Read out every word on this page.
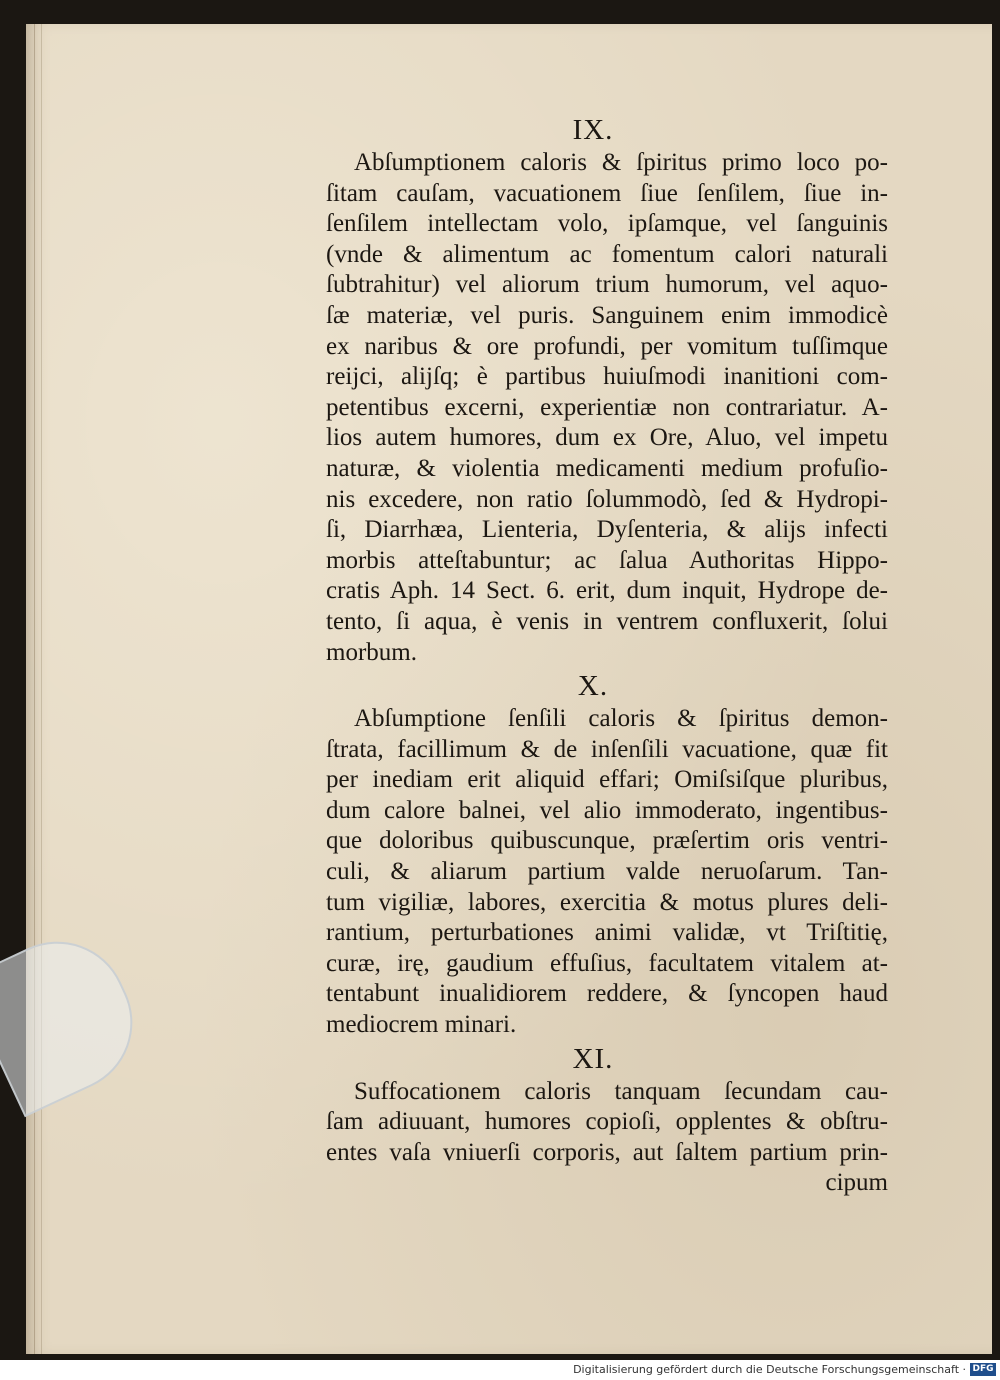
IX.

Abſumptionem caloris & ſpiritus primo loco po-
ſitam cauſam, vacuationem ſiue ſenſilem, ſiue in-
ſenſilem intellectam volo, ipſamque, vel ſanguinis
(vnde & alimentum ac fomentum calori naturali
ſubtrahitur) vel aliorum trium humorum, vel aquo-
ſæ materiæ, vel puris. Sanguinem enim immodicè
ex naribus & ore profundi, per vomitum tuſſimque
reijci, alijſq; è partibus huiuſmodi inanitioni com-
petentibus excerni, experientiæ non contrariatur. A-
lios autem humores, dum ex Ore, Aluo, vel impetu
naturæ, & violentia medicamenti medium profuſio-
nis excedere, non ratio ſolummodò, ſed & Hydropi-
ſi, Diarrhæa, Lienteria, Dyſenteria, & alijs infecti
morbis atteſtabuntur; ac ſalua Authoritas Hippo-
cratis Aph. 14 Sect. 6. erit, dum inquit, Hydrope de-
tento, ſi aqua, è venis in ventrem confluxerit, ſolui
morbum.

X.

Abſumptione ſenſili caloris & ſpiritus demon-
ſtrata, facillimum & de inſenſili vacuatione, quæ fit
per inediam erit aliquid effari; Omiſsiſque pluribus,
dum calore balnei, vel alio immoderato, ingentibus-
que doloribus quibuscunque, præſertim oris ventri-
culi, & aliarum partium valde neruoſarum. Tan-
tum vigiliæ, labores, exercitia & motus plures deli-
rantium, perturbationes animi validæ, vt Triſtitię,
curæ, irę, gaudium effuſius, facultatem vitalem at-
tentabunt inualidiorem reddere, & ſyncopen haud
mediocrem minari.

XI.

Suffocationem caloris tanquam ſecundam cau-
ſam adiuuant, humores copioſi, opplentes & obſtru-
entes vaſa vniuerſi corporis, aut ſaltem partium prin-
cipum
Digitalisierung gefördert durch die Deutsche Forschungsgemeinschaft · DFG
